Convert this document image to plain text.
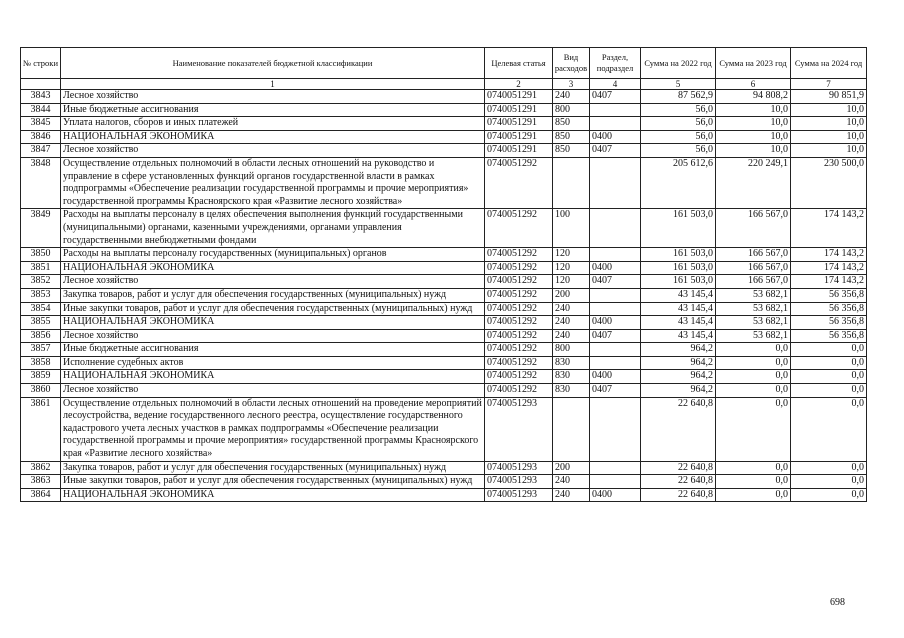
№ строки	Наименование показателей бюджетной классификации	Целевая статья	Вид расходов	Раздел, подраздел	Сумма на 2022 год	Сумма на 2023 год	Сумма на 2024 год
	1	2	3	4	5	6	7
3843	Лесное хозяйство	0740051291	240	0407	87 562,9	94 808,2	90 851,9
3844	Иные бюджетные ассигнования	0740051291	800		56,0	10,0	10,0
3845	Уплата налогов, сборов и иных платежей	0740051291	850		56,0	10,0	10,0
3846	НАЦИОНАЛЬНАЯ ЭКОНОМИКА	0740051291	850	0400	56,0	10,0	10,0
3847	Лесное хозяйство	0740051291	850	0407	56,0	10,0	10,0
3848	Осуществление отдельных полномочий в области лесных отношений на руководство и управление в сфере установленных функций органов государственной власти в рамках подпрограммы «Обеспечение реализации государственной программы и прочие мероприятия» государственной программы Красноярского края «Развитие лесного хозяйства»	0740051292			205 612,6	220 249,1	230 500,0
3849	Расходы на выплаты персоналу в целях обеспечения выполнения функций государственными (муниципальными) органами, казенными учреждениями, органами управления государственными внебюджетными фондами	0740051292	100		161 503,0	166 567,0	174 143,2
3850	Расходы на выплаты персоналу государственных (муниципальных) органов	0740051292	120		161 503,0	166 567,0	174 143,2
3851	НАЦИОНАЛЬНАЯ ЭКОНОМИКА	0740051292	120	0400	161 503,0	166 567,0	174 143,2
3852	Лесное хозяйство	0740051292	120	0407	161 503,0	166 567,0	174 143,2
3853	Закупка товаров, работ и услуг для обеспечения государственных (муниципальных) нужд	0740051292	200		43 145,4	53 682,1	56 356,8
3854	Иные закупки товаров, работ и услуг для обеспечения государственных (муниципальных) нужд	0740051292	240		43 145,4	53 682,1	56 356,8
3855	НАЦИОНАЛЬНАЯ ЭКОНОМИКА	0740051292	240	0400	43 145,4	53 682,1	56 356,8
3856	Лесное хозяйство	0740051292	240	0407	43 145,4	53 682,1	56 356,8
3857	Иные бюджетные ассигнования	0740051292	800		964,2	0,0	0,0
3858	Исполнение судебных актов	0740051292	830		964,2	0,0	0,0
3859	НАЦИОНАЛЬНАЯ ЭКОНОМИКА	0740051292	830	0400	964,2	0,0	0,0
3860	Лесное хозяйство	0740051292	830	0407	964,2	0,0	0,0
3861	Осуществление отдельных полномочий в области лесных отношений на проведение мероприятий лесоустройства, ведение государственного лесного реестра, осуществление государственного кадастрового учета лесных участков в рамках подпрограммы «Обеспечение реализации государственной программы и прочие мероприятия» государственной программы Красноярского края «Развитие лесного хозяйства»	0740051293			22 640,8	0,0	0,0
3862	Закупка товаров, работ и услуг для обеспечения государственных (муниципальных) нужд	0740051293	200		22 640,8	0,0	0,0
3863	Иные закупки товаров, работ и услуг для обеспечения государственных (муниципальных) нужд	0740051293	240		22 640,8	0,0	0,0
3864	НАЦИОНАЛЬНАЯ ЭКОНОМИКА	0740051293	240	0400	22 640,8	0,0	0,0
698
